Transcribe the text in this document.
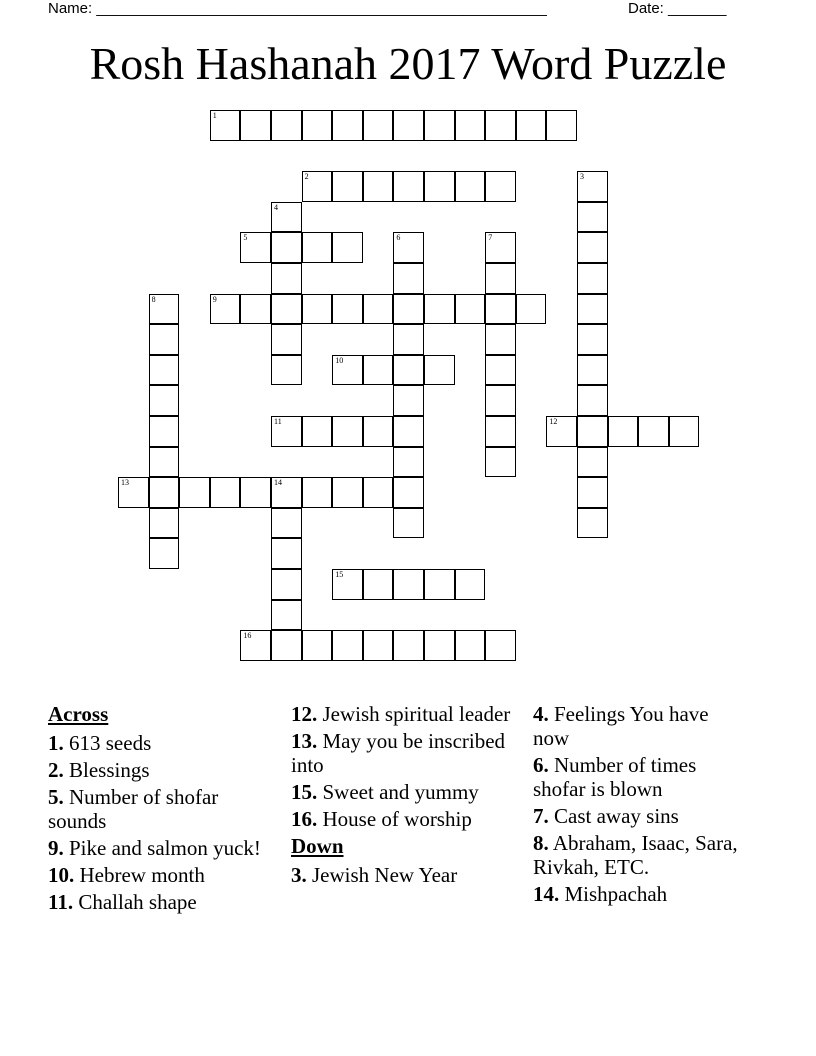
Name: ______________________________________________________	Date: _______
Rosh Hashanah 2017 Word Puzzle
1
2	3
4
5	6	7
8	9
10
11	12
13	14
15
16
Across
1. 613 seeds
2. Blessings
5. Number of shofar sounds
9. Pike and salmon yuck!
10. Hebrew month
11. Challah shape
12. Jewish spiritual leader
13. May you be inscribed into
15. Sweet and yummy
16. House of worship
Down
3. Jewish New Year
4. Feelings You have now
6. Number of times shofar is blown
7. Cast away sins
8. Abraham, Isaac, Sara, Rivkah, ETC.
14. Mishpachah
